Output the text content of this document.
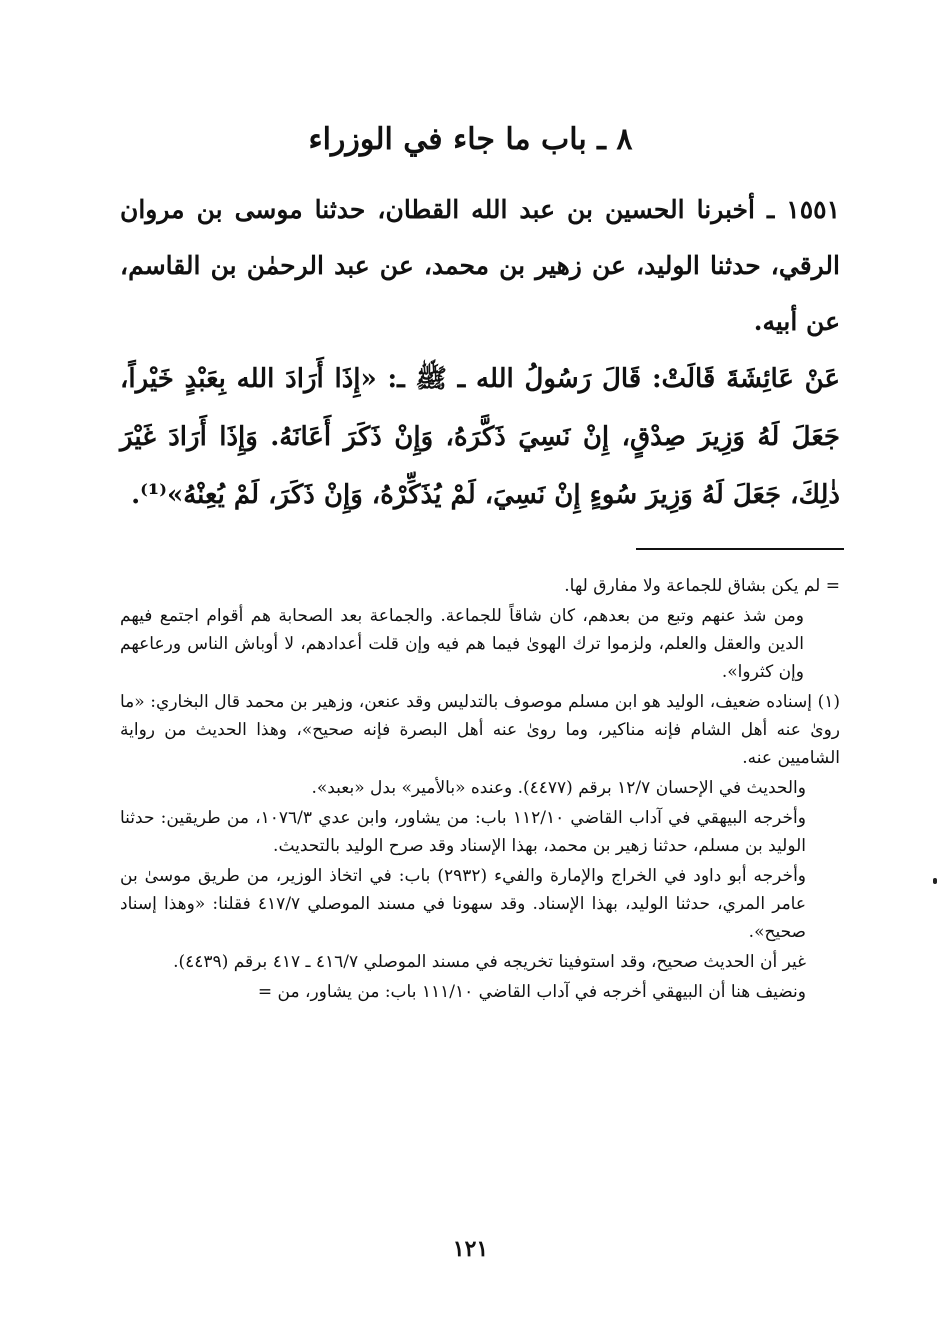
٨ ـ باب ما جاء في الوزراء
١٥٥١ ـ أخبرنا الحسين بن عبد الله القطان، حدثنا موسى بن مروان الرقي، حدثنا الوليد، عن زهير بن محمد، عن عبد الرحمٰن بن القاسم، عن أبيه.
عَنْ عَائِشَةَ قَالَتْ: قَالَ رَسُولُ الله ـ ﷺ ـ: «إِذَا أَرَادَ الله بِعَبْدٍ خَيْراً، جَعَلَ لَهُ وَزِيرَ صِدْقٍ، إِنْ نَسِيَ ذَكَّرَهُ، وَإِنْ ذَكَرَ أَعَانَهُ. وَإِذَا أَرَادَ غَيْرَ ذٰلِكَ، جَعَلَ لَهُ وَزِيرَ سُوءٍ إِنْ نَسِيَ، لَمْ يُذَكِّرْهُ، وَإِنْ ذَكَرَ، لَمْ يُعِنْهُ»⁽¹⁾.

= لم يكن بشاق للجماعة ولا مفارق لها.

ومن شذ عنهم وتبع من بعدهم، كان شاقاً للجماعة. والجماعة بعد الصحابة هم أقوام اجتمع فيهم الدين والعقل والعلم، ولزموا ترك الهوىٰ فيما هم فيه وإن قلت أعدادهم، لا أوباش الناس ورعاعهم وإن كثروا».

(١) إسناده ضعيف، الوليد هو ابن مسلم موصوف بالتدليس وقد عنعن، وزهير بن محمد قال البخاري: «ما روىٰ عنه أهل الشام فإنه مناكير، وما روىٰ عنه أهل البصرة فإنه صحيح»، وهذا الحديث من رواية الشاميين عنه.

والحديث في الإحسان ١٢/٧ برقم (٤٤٧٧). وعنده «بالأمير» بدل «بعبد».

وأخرجه البيهقي في آداب القاضي ١١٢/١٠ باب: من يشاور، وابن عدي ١٠٧٦/٣، من طريقين: حدثنا الوليد بن مسلم، حدثنا زهير بن محمد، بهذا الإسناد وقد صرح الوليد بالتحديث.

وأخرجه أبو داود في الخراج والإمارة والفيء (٢٩٣٢) باب: في اتخاذ الوزير، من طريق موسىٰ بن عامر المري، حدثنا الوليد، بهذا الإسناد. وقد سهونا في مسند الموصلي ٤١٧/٧ فقلنا: «وهذا إسناد صحيح».

غير أن الحديث صحيح، وقد استوفينا تخريجه في مسند الموصلي ٤١٦/٧ ـ ٤١٧ برقم (٤٤٣٩).

ونضيف هنا أن البيهقي أخرجه في آداب القاضي ١١١/١٠ باب: من يشاور، من =

١٢١
